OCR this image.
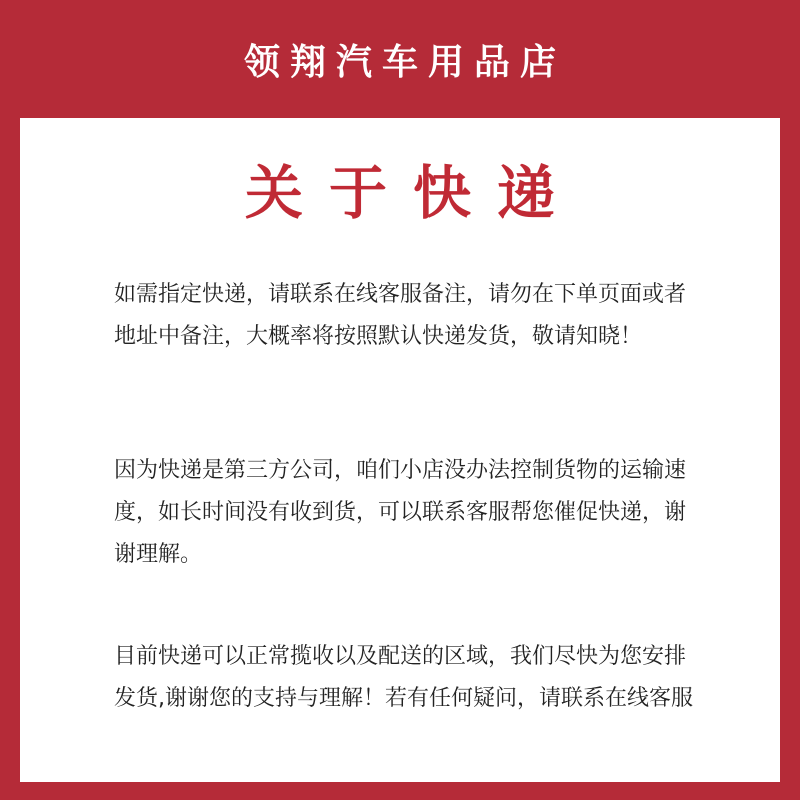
领翔汽车用品店
关于快递

如需指定快递，请联系在线客服备注，请勿在下单页面或者地址中备注，大概率将按照默认快递发货，敬请知晓！

因为快递是第三方公司，咱们小店没办法控制货物的运输速度，如长时间没有收到货，可以联系客服帮您催促快递，谢谢理解。

目前快递可以正常揽收以及配送的区域，我们尽快为您安排发货,谢谢您的支持与理解！若有任何疑问，请联系在线客服
